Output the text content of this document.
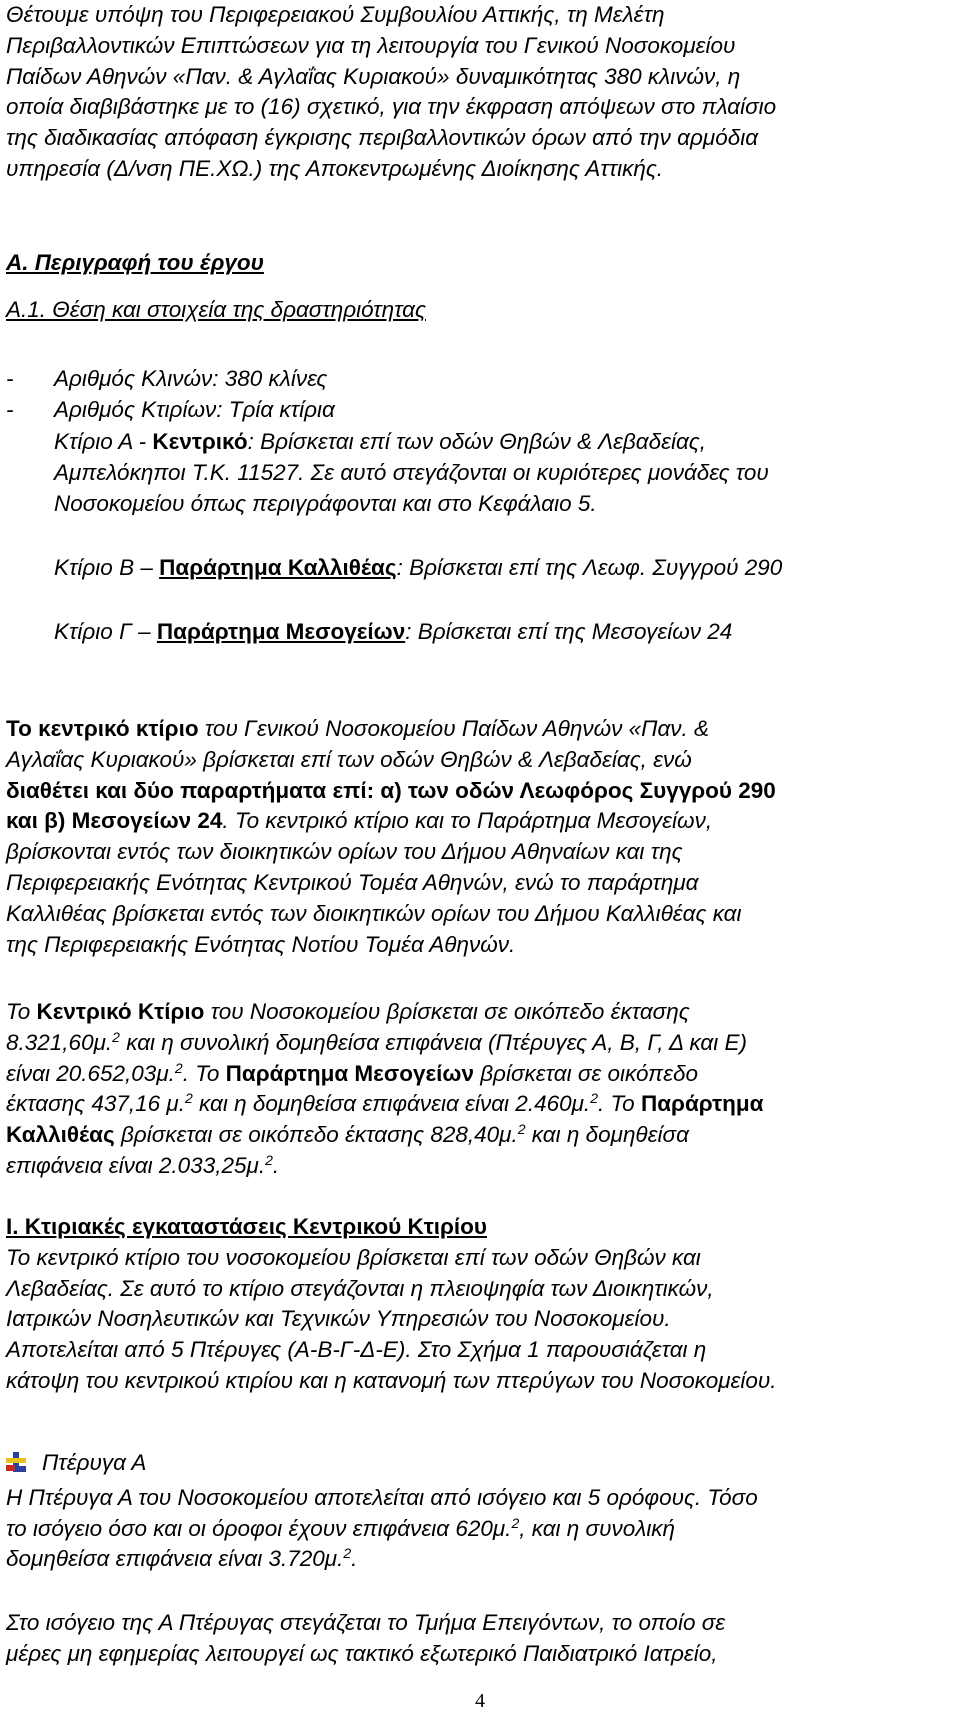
Θέτουμε υπόψη του Περιφερειακού Συμβουλίου Αττικής, τη Μελέτη

Περιβαλλοντικών Επιπτώσεων για τη λειτουργία του Γενικού Νοσοκομείου

Παίδων Αθηνών «Παν. & Αγλαΐας Κυριακού» δυναμικότητας 380 κλινών, η

οποία διαβιβάστηκε με το (16) σχετικό, για την έκφραση απόψεων στο πλαίσιο

της διαδικασίας απόφαση έγκρισης περιβαλλοντικών όρων από την αρμόδια

υπηρεσία (Δ/νση ΠΕ.ΧΩ.) της Αποκεντρωμένης Διοίκησης Αττικής.

Α. Περιγραφή του έργου

Α.1. Θέση και στοιχεία της δραστηριότητας

- Αριθμός Κλινών: 380 κλίνες
- Αριθμός Κτιρίων: Τρία κτίρια

Κτίριο Α - Κεντρικό: Βρίσκεται επί των οδών Θηβών & Λεβαδείας,

Αμπελόκηποι Τ.Κ. 11527. Σε αυτό στεγάζονται οι κυριότερες μονάδες του

Νοσοκομείου όπως περιγράφονται και στο Κεφάλαιο 5.

Κτίριο Β – Παράρτημα Καλλιθέας: Βρίσκεται επί της Λεωφ. Συγγρού 290

Κτίριο Γ – Παράρτημα Μεσογείων: Βρίσκεται επί της Μεσογείων 24

Το κεντρικό κτίριο του Γενικού Νοσοκομείου Παίδων Αθηνών «Παν. &

Αγλαΐας Κυριακού» βρίσκεται επί των οδών Θηβών & Λεβαδείας, ενώ

διαθέτει και δύο παραρτήματα επί: α) των οδών Λεωφόρος Συγγρού 290

και β) Μεσογείων 24. Το κεντρικό κτίριο και το Παράρτημα Μεσογείων,

βρίσκονται εντός των διοικητικών ορίων του Δήμου Αθηναίων και της

Περιφερειακής Ενότητας Κεντρικού Τομέα Αθηνών, ενώ το παράρτημα

Καλλιθέας βρίσκεται εντός των διοικητικών ορίων του Δήμου Καλλιθέας και

της Περιφερειακής Ενότητας Νοτίου Τομέα Αθηνών.

Το Κεντρικό Κτίριο του Νοσοκομείου βρίσκεται σε οικόπεδο έκτασης

8.321,60μ.$^2$ και η συνολική δομηθείσα επιφάνεια (Πτέρυγες Α, Β, Γ, Δ και Ε)

είναι 20.652,03μ.$^2$. Το Παράρτημα Μεσογείων βρίσκεται σε οικόπεδο

έκτασης 437,16 μ.$^2$ και η δομηθείσα επιφάνεια είναι 2.460μ.$^2$. Το Παράρτημα

Καλλιθέας βρίσκεται σε οικόπεδο έκτασης 828,40μ.$^2$ και η δομηθείσα

επιφάνεια είναι 2.033,25μ.$^2$.

Ι. Κτιριακές εγκαταστάσεις Κεντρικού Κτιρίου

Το κεντρικό κτίριο του νοσοκομείου βρίσκεται επί των οδών Θηβών και

Λεβαδείας. Σε αυτό το κτίριο στεγάζονται η πλειοψηφία των Διοικητικών,

Ιατρικών Νοσηλευτικών και Τεχνικών Υπηρεσιών του Νοσοκομείου.

Αποτελείται από 5 Πτέρυγες (Α-Β-Γ-Δ-Ε). Στο Σχήμα 1 παρουσιάζεται η

κάτοψη του κεντρικού κτιρίου και η κατανομή των πτερύγων του Νοσοκομείου.

Πτέρυγα Α

Η Πτέρυγα Α του Νοσοκομείου αποτελείται από ισόγειο και 5 ορόφους. Τόσο

το ισόγειο όσο και οι όροφοι έχουν επιφάνεια 620μ.$^2$, και η συνολική

δομηθείσα επιφάνεια είναι 3.720μ.$^2$.

Στο ισόγειο της Α Πτέρυγας στεγάζεται το Τμήμα Επειγόντων, το οποίο σε

μέρες μη εφημερίας λειτουργεί ως τακτικό εξωτερικό Παιδιατρικό Ιατρείο,

4
